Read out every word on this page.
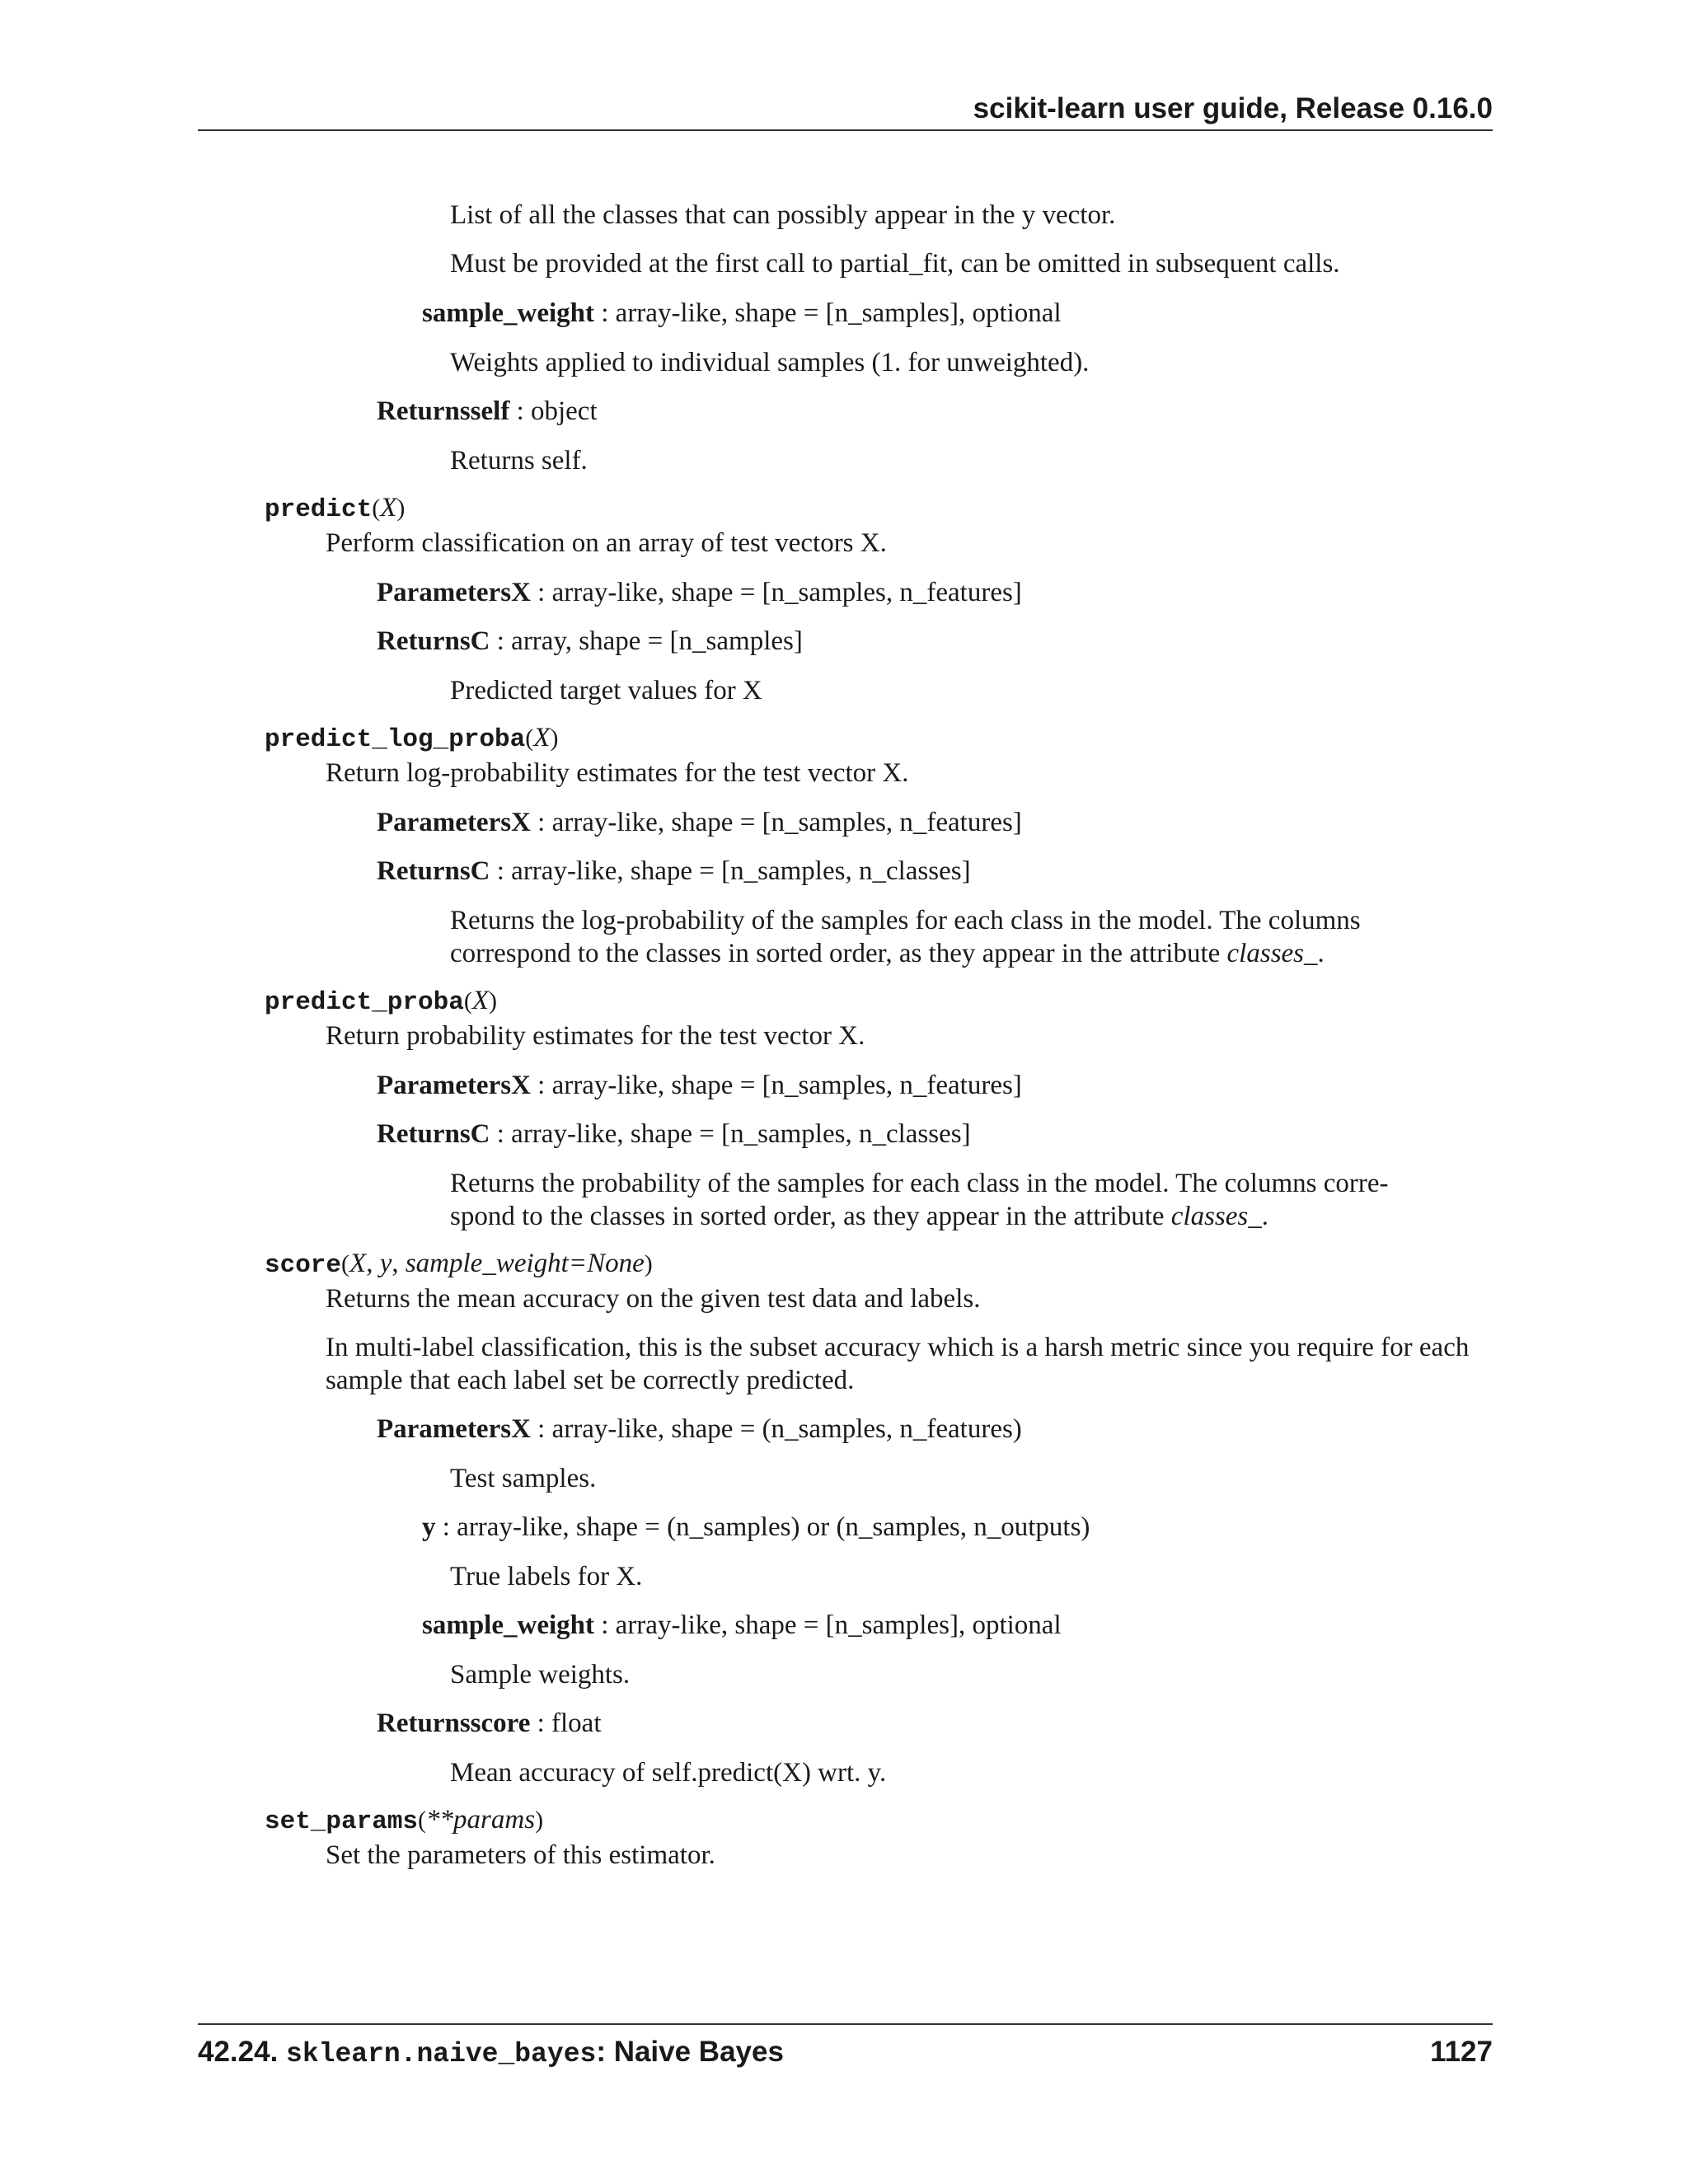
scikit-learn user guide, Release 0.16.0
List of all the classes that can possibly appear in the y vector.
Must be provided at the first call to partial_fit, can be omitted in subsequent calls.
sample_weight : array-like, shape = [n_samples], optional
Weights applied to individual samples (1. for unweighted).
Returnsself : object
Returns self.
predict(X)
Perform classification on an array of test vectors X.
ParametersX : array-like, shape = [n_samples, n_features]
ReturnsC : array, shape = [n_samples]
Predicted target values for X
predict_log_proba(X)
Return log-probability estimates for the test vector X.
ParametersX : array-like, shape = [n_samples, n_features]
ReturnsC : array-like, shape = [n_samples, n_classes]
Returns the log-probability of the samples for each class in the model. The columns
correspond to the classes in sorted order, as they appear in the attribute classes_.
predict_proba(X)
Return probability estimates for the test vector X.
ParametersX : array-like, shape = [n_samples, n_features]
ReturnsC : array-like, shape = [n_samples, n_classes]
Returns the probability of the samples for each class in the model. The columns corre-
spond to the classes in sorted order, as they appear in the attribute classes_.
score(X, y, sample_weight=None)
Returns the mean accuracy on the given test data and labels.
In multi-label classification, this is the subset accuracy which is a harsh metric since you require for each
sample that each label set be correctly predicted.
ParametersX : array-like, shape = (n_samples, n_features)
Test samples.
y : array-like, shape = (n_samples) or (n_samples, n_outputs)
True labels for X.
sample_weight : array-like, shape = [n_samples], optional
Sample weights.
Returnsscore : float
Mean accuracy of self.predict(X) wrt. y.
set_params(**params)
Set the parameters of this estimator.
42.24. sklearn.naive_bayes: Naive Bayes	1127
